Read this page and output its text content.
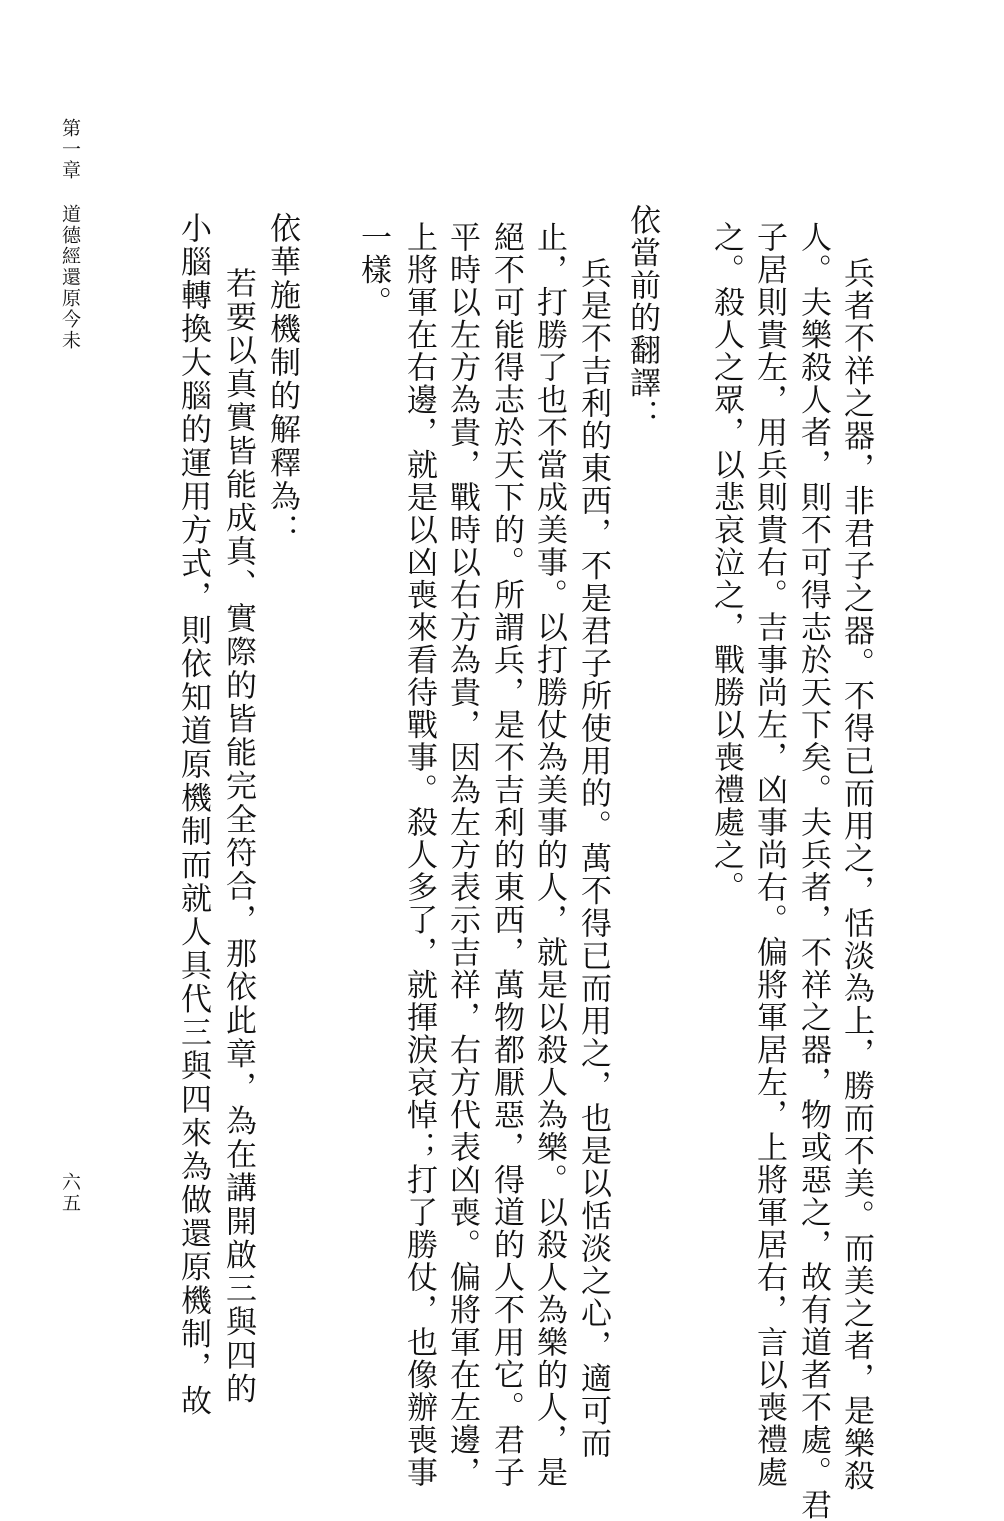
第一章
道德經還原今未
六五	兵者不祥之器，非君子之器。不得已而用之，恬淡為上，勝而不美。而美之者，是樂殺
人。夫樂殺人者，則不可得志於天下矣。夫兵者，不祥之器，物或惡之，故有道者不處。君
子居則貴左，用兵則貴右。吉事尚左，凶事尚右。偏將軍居左，上將軍居右，言以喪禮處
之。殺人之眾，以悲哀泣之，戰勝以喪禮處之。
依當前的翻譯：
兵是不吉利的東西，不是君子所使用的。萬不得已而用之，也是以恬淡之心，適可而
止，打勝了也不當成美事。以打勝仗為美事的人，就是以殺人為樂。以殺人為樂的人，是
絕不可能得志於天下的。所謂兵，是不吉利的東西，萬物都厭惡，得道的人不用它。君子
平時以左方為貴，戰時以右方為貴，因為左方表示吉祥，右方代表凶喪。偏將軍在左邊，
上將軍在右邊，就是以凶喪來看待戰事。殺人多了，就揮淚哀悼；打了勝仗，也像辦喪事
一樣。
依華施機制的解釋為：
若要以真實皆能成真、實際的皆能完全符合，那依此章，為在講開啟三與四的
小腦轉換大腦的運用方式，則依知道原機制而就人具代三與四來為做還原機制，故
